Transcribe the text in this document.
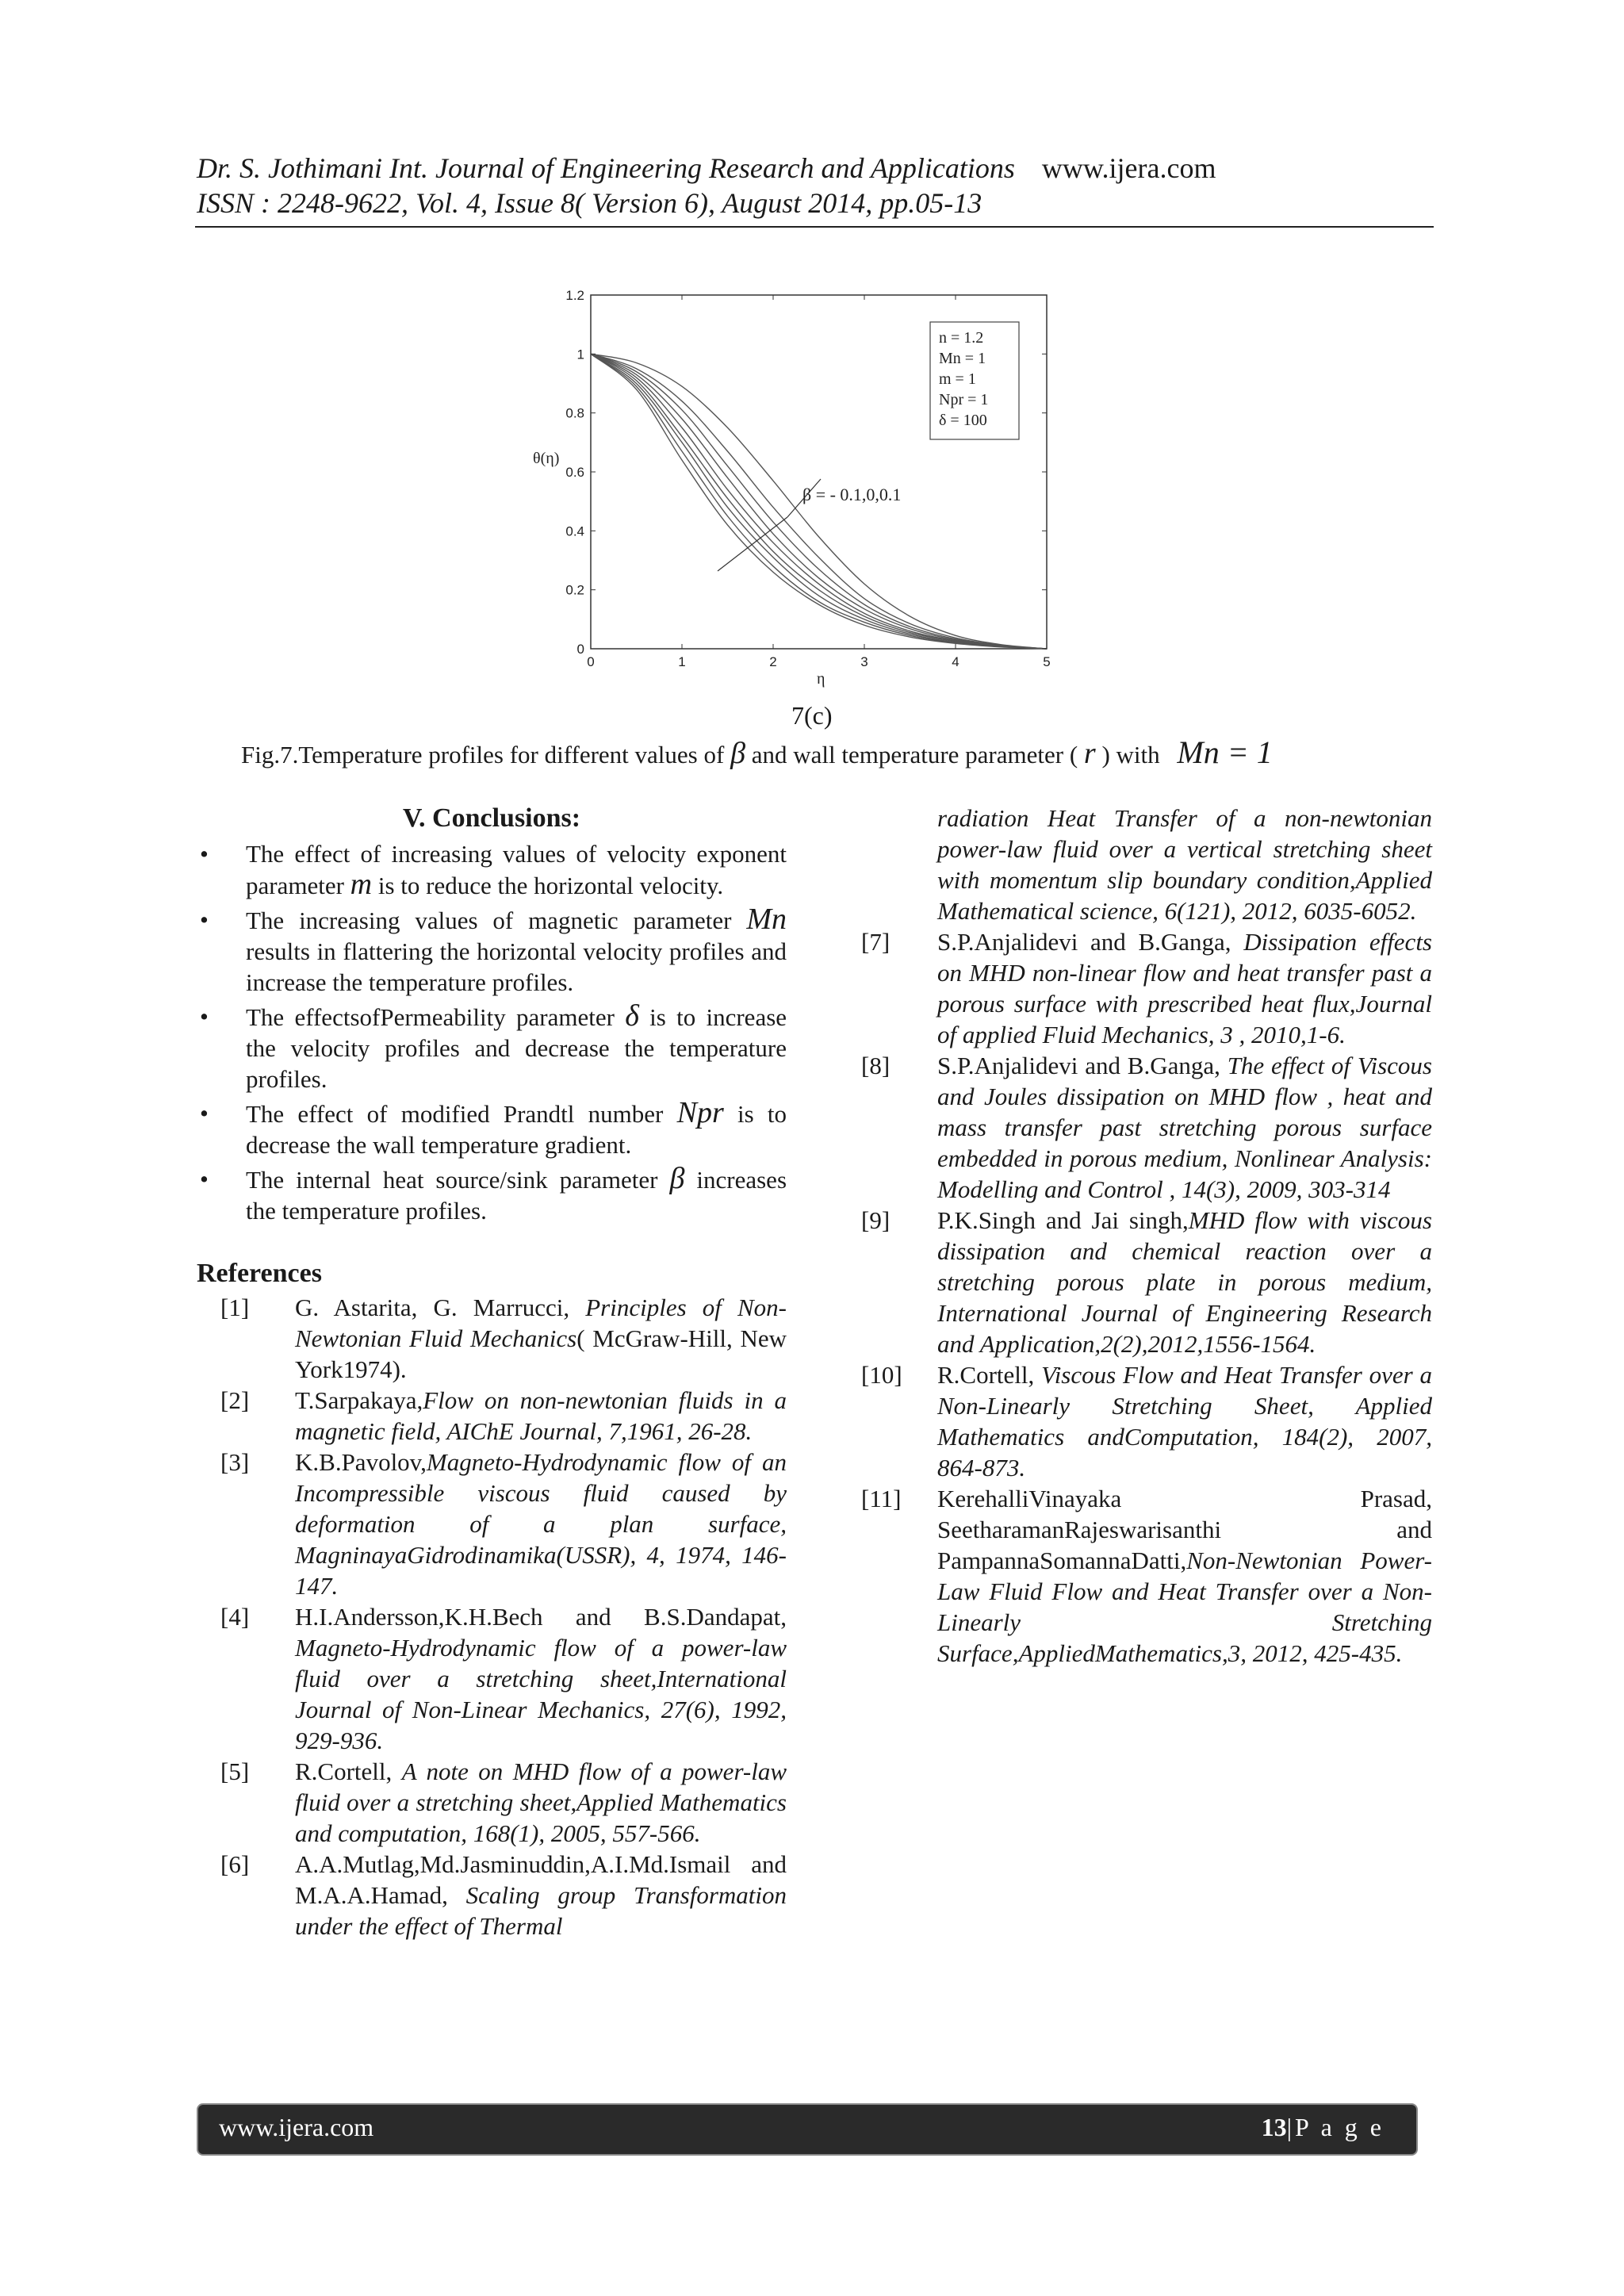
Dr. S. Jothimani Int. Journal of Engineering Research and Applications www.ijera.com
ISSN : 2248-9622, Vol. 4, Issue 8( Version 6), August 2014, pp.05-13
0
0.2
0.4
0.6
0.8
1
1.2
0	1	2	3	4	5
θ(η)
η
n = 1.2
Mn = 1
m = 1
Npr = 1
δ = 100
β = - 0.1,0,0.1
7(c)
Fig.7.Temperature profiles for different values of β and wall temperature parameter ( r ) with Mn = 1
V. Conclusions:
• The effect of increasing values of velocity exponent parameter m is to reduce the horizontal velocity.
• The increasing values of magnetic parameter Mn results in flattering the horizontal velocity profiles and increase the temperature profiles.
• The effectsofPermeability parameter δ is to increase the velocity profiles and decrease the temperature profiles.
• The effect of modified Prandtl number Npr is to decrease the wall temperature gradient.
• The internal heat source/sink parameter β increases the temperature profiles.
References
[1] G. Astarita, G. Marrucci, Principles of Non-Newtonian Fluid Mechanics( McGraw-Hill, New York1974).
[2] T.Sarpakaya,Flow on non-newtonian fluids in a magnetic field, AIChE Journal, 7,1961, 26-28.
[3] K.B.Pavolov,Magneto-Hydrodynamic flow of an Incompressible viscous fluid caused by deformation of a plan surface, MagninayaGidrodinamika(USSR), 4, 1974, 146-147.
[4] H.I.Andersson,K.H.Bech and B.S.Dandapat, Magneto-Hydrodynamic flow of a power-law fluid over a stretching sheet,International Journal of Non-Linear Mechanics, 27(6), 1992, 929-936.
[5] R.Cortell, A note on MHD flow of a power-law fluid over a stretching sheet,Applied Mathematics and computation, 168(1), 2005, 557-566.
[6] A.A.Mutlag,Md.Jasminuddin,A.I.Md.Ismail and M.A.A.Hamad, Scaling group Transformation under the effect of Thermal
radiation Heat Transfer of a non-newtonian power-law fluid over a vertical stretching sheet with momentum slip boundary condition,Applied Mathematical science, 6(121), 2012, 6035-6052.
[7] S.P.Anjalidevi and B.Ganga, Dissipation effects on MHD non-linear flow and heat transfer past a porous surface with prescribed heat flux,Journal of applied Fluid Mechanics, 3 , 2010,1-6.
[8] S.P.Anjalidevi and B.Ganga, The effect of Viscous and Joules dissipation on MHD flow , heat and mass transfer past stretching porous surface embedded in porous medium, Nonlinear Analysis: Modelling and Control , 14(3), 2009, 303-314
[9] P.K.Singh and Jai singh,MHD flow with viscous dissipation and chemical reaction over a stretching porous plate in porous medium, International Journal of Engineering Research and Application,2(2),2012,1556-1564.
[10] R.Cortell, Viscous Flow and Heat Transfer over a Non-Linearly Stretching Sheet, Applied Mathematics andComputation, 184(2), 2007, 864-873.
[11] KerehalliVinayaka Prasad, SeetharamanRajeswarisanthi and PampannaSomannaDatti,Non-Newtonian Power-Law Fluid Flow and Heat Transfer over a Non-Linearly Stretching Surface,AppliedMathematics,3, 2012, 425-435.
www.ijera.com	13|P a g e
